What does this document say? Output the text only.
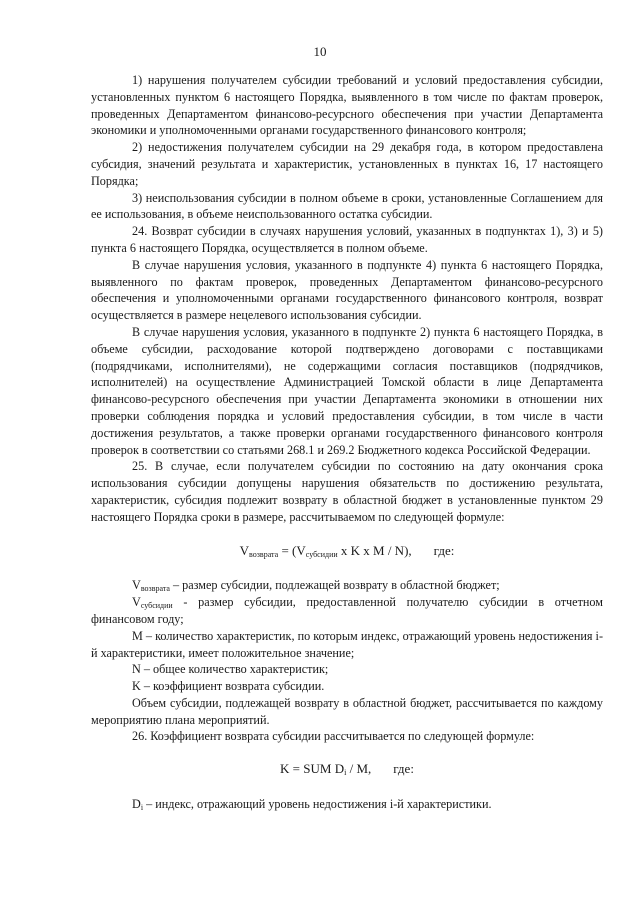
10

1) нарушения получателем субсидии требований и условий предоставления субсидии, установленных пунктом 6 настоящего Порядка, выявленного в том числе по фактам проверок, проведенных Департаментом финансово-ресурсного обеспечения при участии Департамента экономики и уполномоченными органами государственного финансового контроля;

2) недостижения получателем субсидии на 29 декабря года, в котором предоставлена субсидия, значений результата и характеристик, установленных в пунктах 16, 17 настоящего Порядка;

3) неиспользования субсидии в полном объеме в сроки, установленные Соглашением для ее использования, в объеме неиспользованного остатка субсидии.

24. Возврат субсидии в случаях нарушения условий, указанных в подпунктах 1), 3) и 5) пункта 6 настоящего Порядка, осуществляется в полном объеме.

В случае нарушения условия, указанного в подпункте 4) пункта 6 настоящего Порядка, выявленного по фактам проверок, проведенных Департаментом финансово-ресурсного обеспечения и уполномоченными органами государственного финансового контроля, возврат осуществляется в размере нецелевого использования субсидии.

В случае нарушения условия, указанного в подпункте 2) пункта 6 настоящего Порядка, в объеме субсидии, расходование которой подтверждено договорами с поставщиками (подрядчиками, исполнителями), не содержащими согласия поставщиков (подрядчиков, исполнителей) на осуществление Администрацией Томской области в лице Департамента финансово-ресурсного обеспечения при участии Департамента экономики в отношении них проверки соблюдения порядка и условий предоставления субсидии, в том числе в части достижения результатов, а также проверки органами государственного финансового контроля проверок в соответствии со статьями 268.1 и 269.2 Бюджетного кодекса Российской Федерации.

25. В случае, если получателем субсидии по состоянию на дату окончания срока использования субсидии допущены нарушения обязательств по достижению результата, характеристик, субсидия подлежит возврату в областной бюджет в установленные пунктом 29 настоящего Порядка сроки в размере, рассчитываемом по следующей формуле:

$V_{возврата} = (V_{субсидии}$ x K x M / N), где:

$V_{возврата}$ – размер субсидии, подлежащей возврату в областной бюджет;

$V_{субсидии}$ - размер субсидии, предоставленной получателю субсидии в отчетном финансовом году;

M – количество характеристик, по которым индекс, отражающий уровень недостижения i-й характеристики, имеет положительное значение;

N – общее количество характеристик;

K – коэффициент возврата субсидии.

Объем субсидии, подлежащей возврату в областной бюджет, рассчитывается по каждому мероприятию плана мероприятий.

26. Коэффициент возврата субсидии рассчитывается по следующей формуле:

K = SUM $D_i$ / M, где:

$D_i$ – индекс, отражающий уровень недостижения i-й характеристики.
